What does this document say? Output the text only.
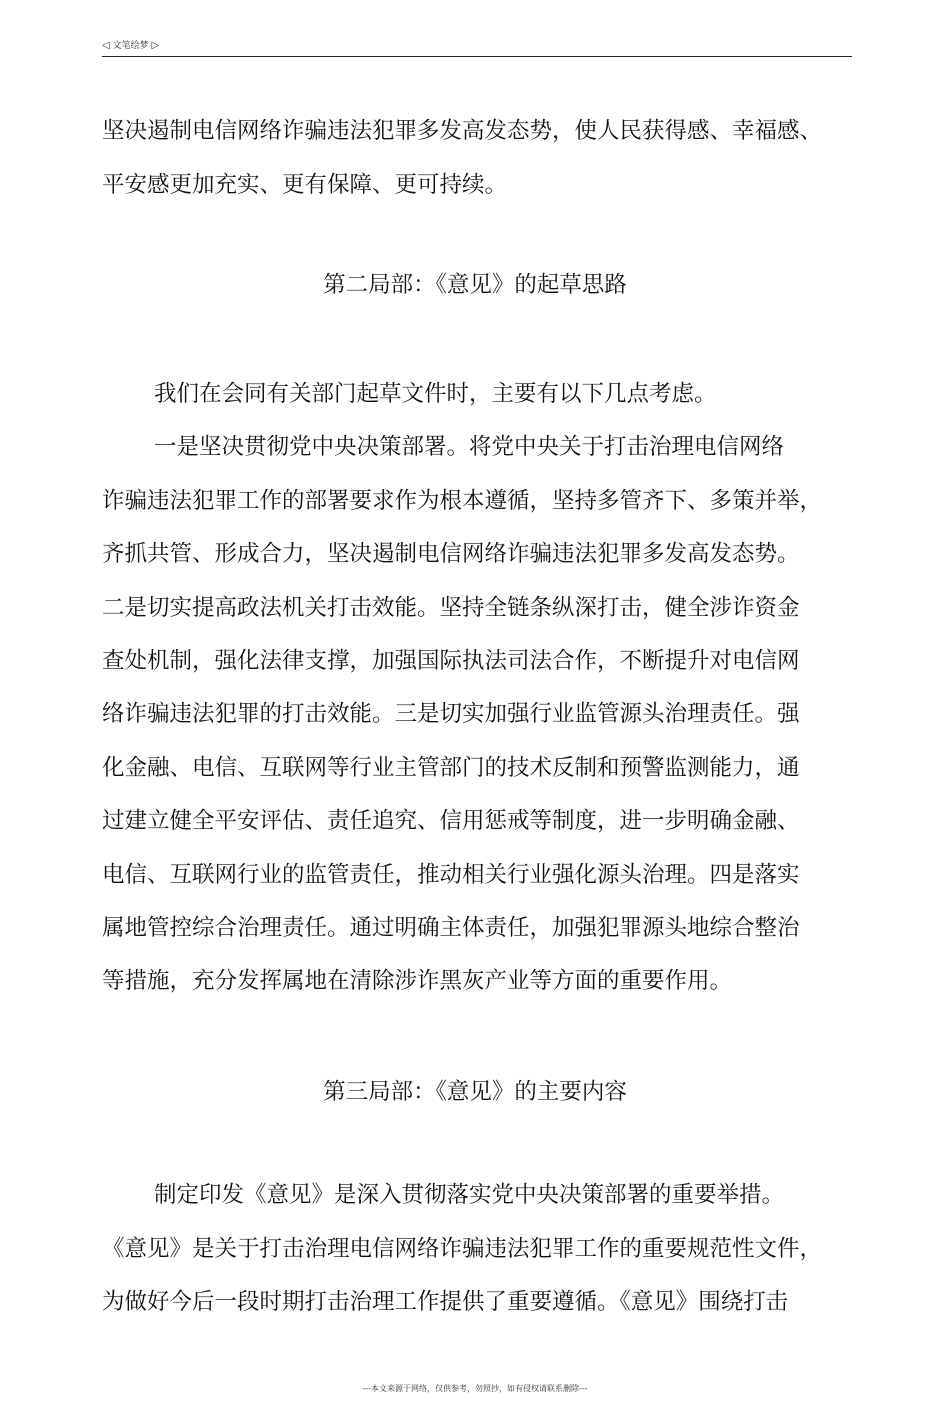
◁ 文笔绘梦 ▷
坚决遏制电信网络诈骗违法犯罪多发高发态势，使人民获得感、幸福感、
平安感更加充实、更有保障、更可持续。
第二局部：《意见》的起草思路
我们在会同有关部门起草文件时，主要有以下几点考虑。
一是坚决贯彻党中央决策部署。将党中央关于打击治理电信网络
诈骗违法犯罪工作的部署要求作为根本遵循，坚持多管齐下、多策并举，
齐抓共管、形成合力，坚决遏制电信网络诈骗违法犯罪多发高发态势。
二是切实提高政法机关打击效能。坚持全链条纵深打击，健全涉诈资金
查处机制，强化法律支撑，加强国际执法司法合作，不断提升对电信网
络诈骗违法犯罪的打击效能。三是切实加强行业监管源头治理责任。强
化金融、电信、互联网等行业主管部门的技术反制和预警监测能力，通
过建立健全平安评估、责任追究、信用惩戒等制度，进一步明确金融、
电信、互联网行业的监管责任，推动相关行业强化源头治理。四是落实
属地管控综合治理责任。通过明确主体责任，加强犯罪源头地综合整治
等措施，充分发挥属地在清除涉诈黑灰产业等方面的重要作用。
第三局部：《意见》的主要内容
制定印发《意见》是深入贯彻落实党中央决策部署的重要举措。
《意见》是关于打击治理电信网络诈骗违法犯罪工作的重要规范性文件，
为做好今后一段时期打击治理工作提供了重要遵循。《意见》围绕打击
---本文来源于网络，仅供参考，勿照抄，如有侵权请联系删除---
